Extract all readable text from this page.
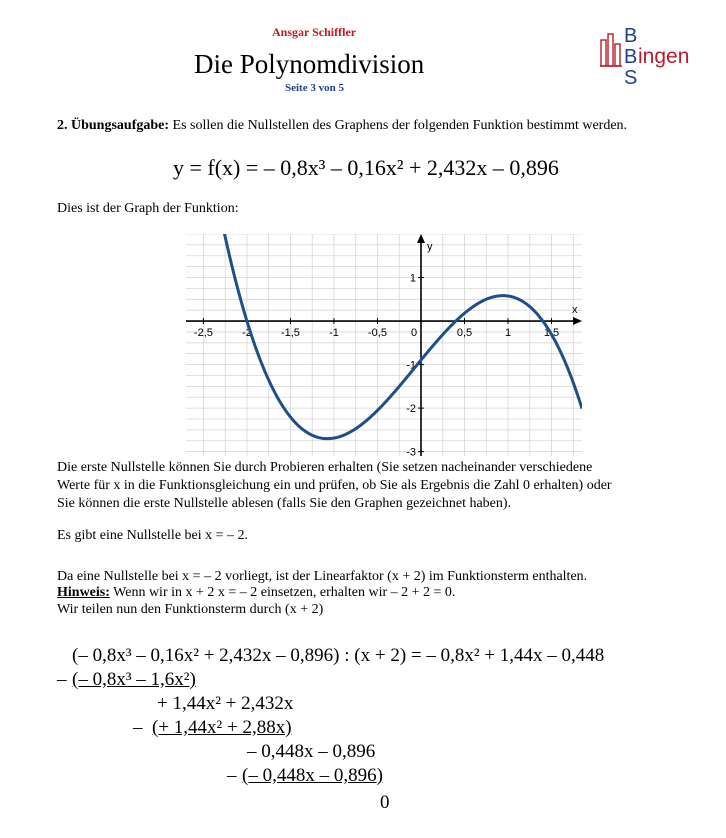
Ansgar Schiffler
Die Polynomdivision
Seite 3 von 5
B
B
S
ingen
2. Übungsaufgabe: Es sollen die Nullstellen des Graphens der folgenden Funktion bestimmt werden.
y = f(x) = – 0,8x³ – 0,16x² + 2,432x – 0,896
Dies ist der Graph der Funktion:
-2,5	-2	-1,5	-1	-0,5	0,5	1	1,5
1
-1
-2
-3
x
y
0
Die erste Nullstelle können Sie durch Probieren erhalten (Sie setzen nacheinander verschiedene
Werte für x in die Funktionsgleichung ein und prüfen, ob Sie als Ergebnis die Zahl 0 erhalten) oder
Sie können die erste Nullstelle ablesen (falls Sie den Graphen gezeichnet haben).
Es gibt eine Nullstelle bei x = – 2.
Da eine Nullstelle bei x = – 2 vorliegt, ist der Linearfaktor (x + 2) im Funktionsterm enthalten.
Hinweis: Wenn wir in x + 2 x = – 2 einsetzen, erhalten wir – 2 + 2 = 0.
Wir teilen nun den Funktionsterm durch (x + 2)
(– 0,8x³ – 0,16x² + 2,432x – 0,896) : (x + 2) = – 0,8x² + 1,44x – 0,448
– (– 0,8x³ – 1,6x²)
+ 1,44x² + 2,432x
– (+ 1,44x² + 2,88x)
– 0,448x – 0,896
– (– 0,448x – 0,896)
0
